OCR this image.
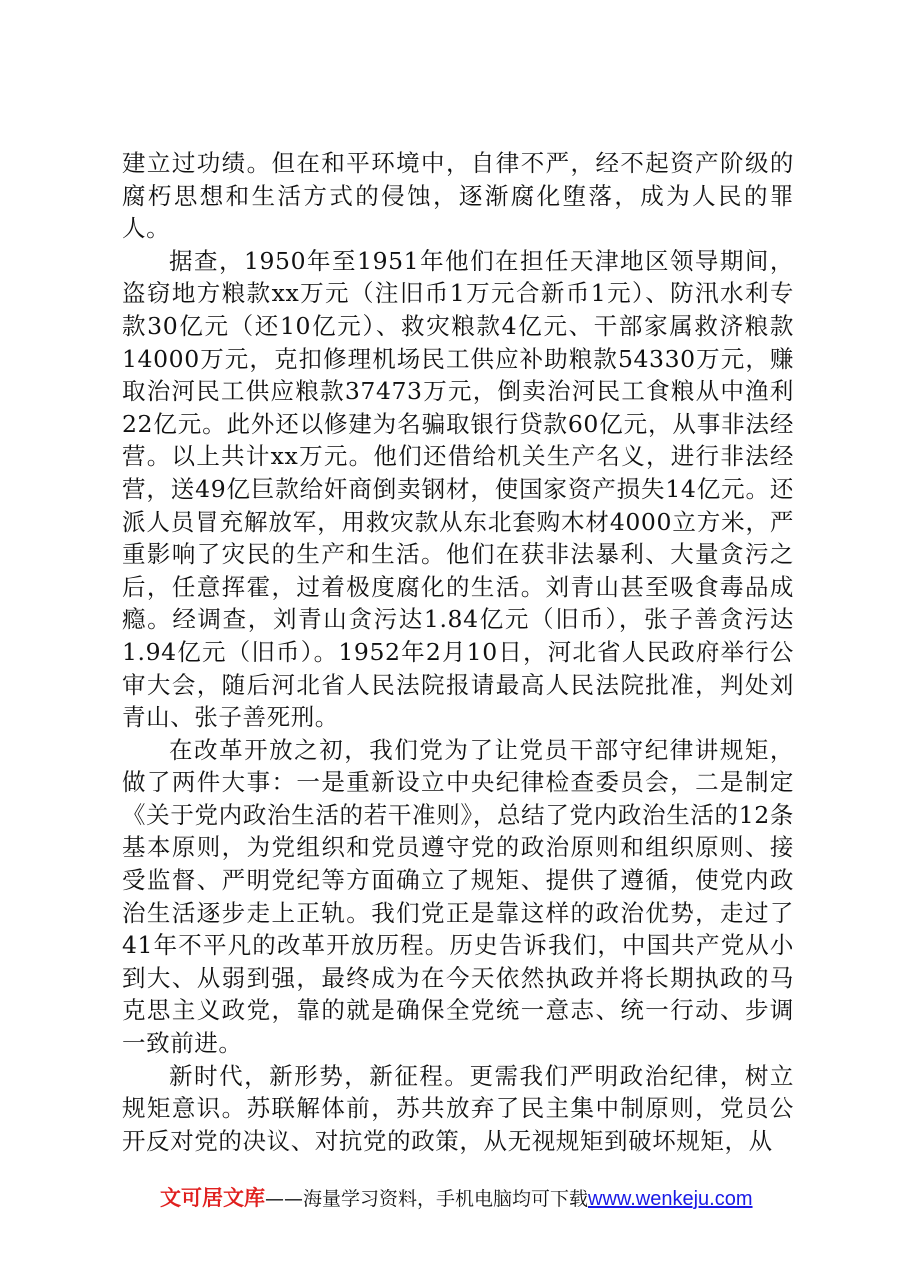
建立过功绩。但在和平环境中，自律不严，经不起资产阶级的腐朽思想和生活方式的侵蚀，逐渐腐化堕落，成为人民的罪人。

据查，1950年至1951年他们在担任天津地区领导期间，盗窃地方粮款xx万元（注旧币1万元合新币1元）、防汛水利专款30亿元（还10亿元）、救灾粮款4亿元、干部家属救济粮款14000万元，克扣修理机场民工供应补助粮款54330万元，赚取治河民工供应粮款37473万元，倒卖治河民工食粮从中渔利22亿元。此外还以修建为名骗取银行贷款60亿元，从事非法经营。以上共计xx万元。他们还借给机关生产名义，进行非法经营，送49亿巨款给奸商倒卖钢材，使国家资产损失14亿元。还派人员冒充解放军，用救灾款从东北套购木材4000立方米，严重影响了灾民的生产和生活。他们在获非法暴利、大量贪污之后，任意挥霍，过着极度腐化的生活。刘青山甚至吸食毒品成瘾。经调查，刘青山贪污达1.84亿元（旧币），张子善贪污达1.94亿元（旧币）。1952年2月10日，河北省人民政府举行公审大会，随后河北省人民法院报请最高人民法院批准，判处刘青山、张子善死刑。

在改革开放之初，我们党为了让党员干部守纪律讲规矩，做了两件大事：一是重新设立中央纪律检查委员会，二是制定《关于党内政治生活的若干准则》，总结了党内政治生活的12条基本原则，为党组织和党员遵守党的政治原则和组织原则、接受监督、严明党纪等方面确立了规矩、提供了遵循，使党内政治生活逐步走上正轨。我们党正是靠这样的政治优势，走过了41年不平凡的改革开放历程。历史告诉我们，中国共产党从小到大、从弱到强，最终成为在今天依然执政并将长期执政的马克思主义政党，靠的就是确保全党统一意志、统一行动、步调一致前进。

新时代，新形势，新征程。更需我们严明政治纪律，树立规矩意识。苏联解体前，苏共放弃了民主集中制原则，党员公开反对党的决议、对抗党的政策，从无视规矩到破坏规矩，从

文可居文库——海量学习资料，手机电脑均可下载www.wenkeju.com
